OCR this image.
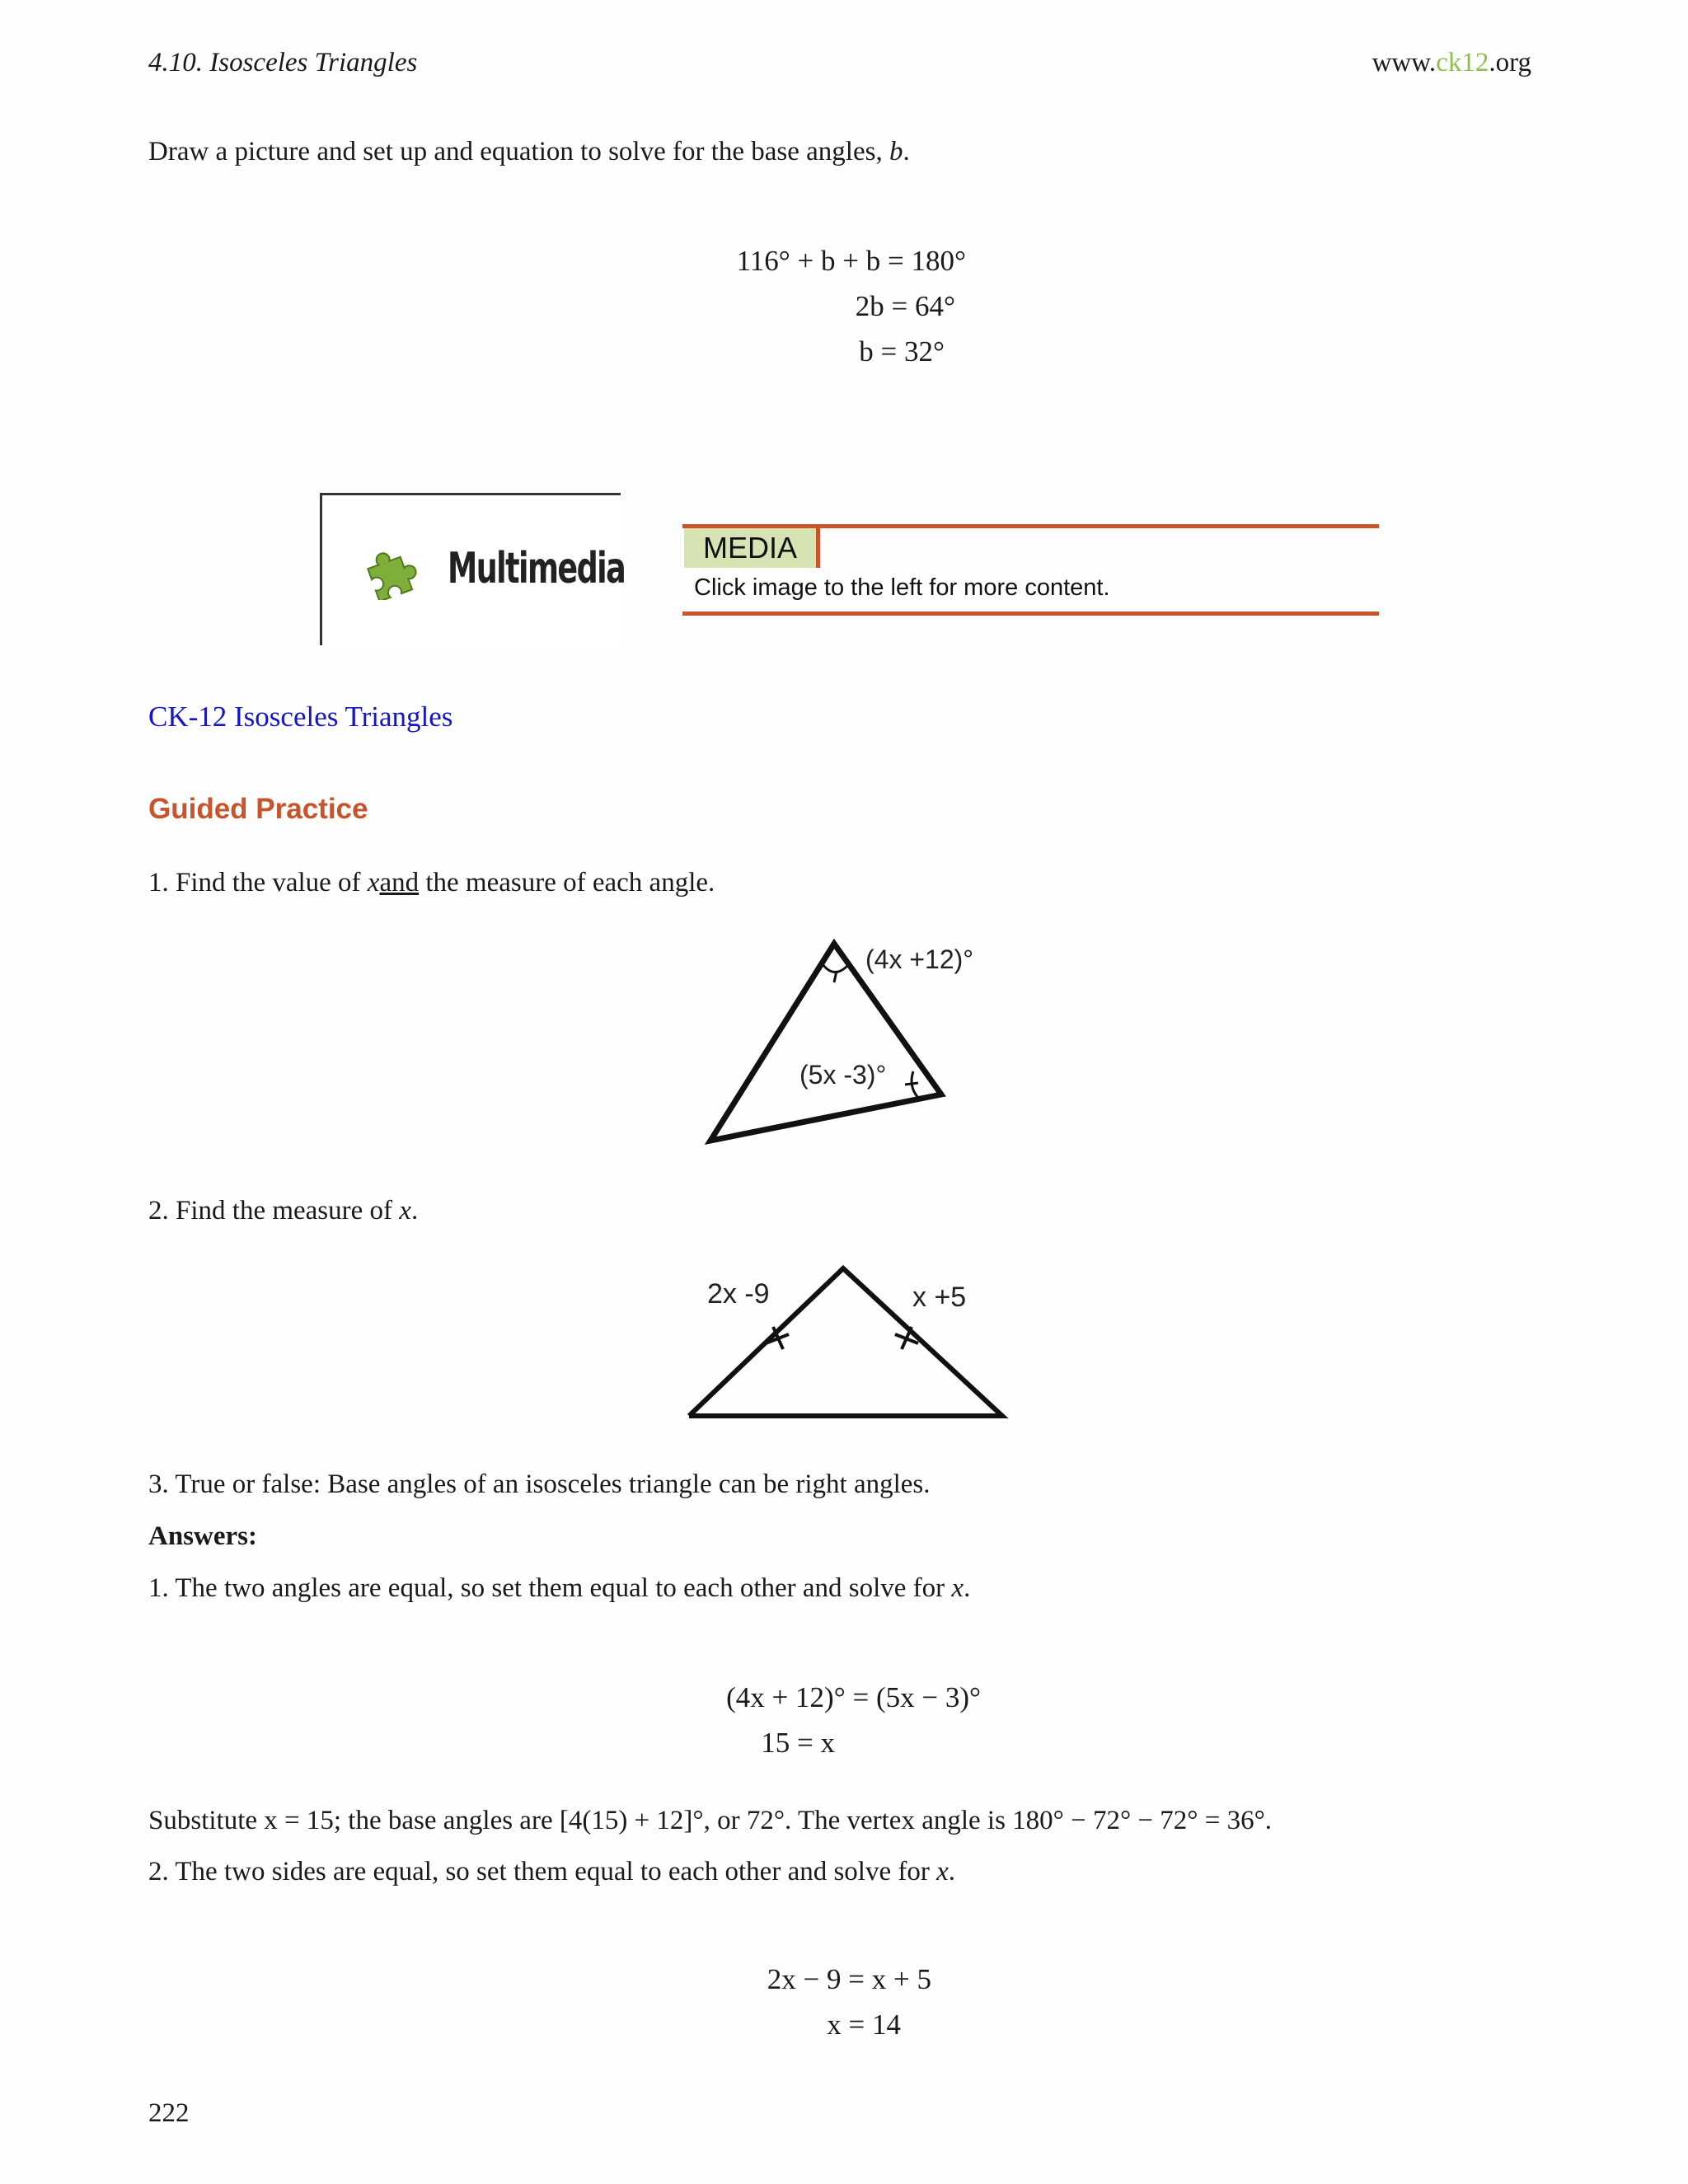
4.10. Isosceles Triangles	www.ck12.org
Draw a picture and set up and equation to solve for the base angles, b.
116° + b + b = 180°
2b = 64°
b = 32°
Multimedia	MEDIA
Click image to the left for more content.
CK-12 Isosceles Triangles
Guided Practice
1. Find the value of xand the measure of each angle.
(4x +12)°
(5x -3)°
2. Find the measure of x.
2x -9	x +5
3. True or false: Base angles of an isosceles triangle can be right angles.
Answers:
1. The two angles are equal, so set them equal to each other and solve for x.
(4x + 12)° = (5x − 3)°
15 = x
Substitute x = 15; the base angles are [4(15) + 12]°, or 72°. The vertex angle is 180° − 72° − 72° = 36°.
2. The two sides are equal, so set them equal to each other and solve for x.
2x − 9 = x + 5
x = 14
222
